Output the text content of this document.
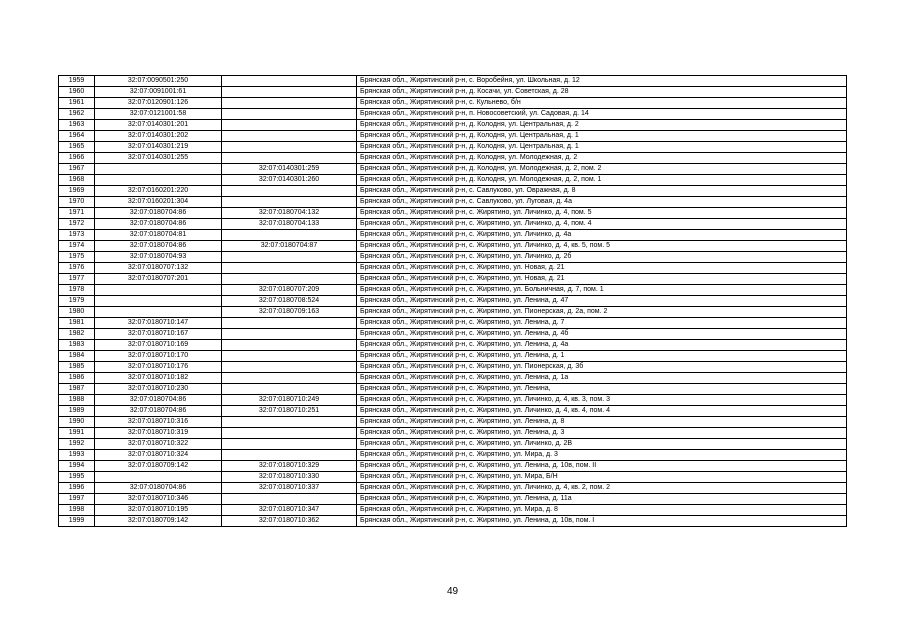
1959	32:07:0090501:250		Брянская обл., Жирятинский р-н, с. Воробейня, ул. Школьная, д. 12
1960	32:07:0091001:61		Брянская обл., Жирятинский р-н, д. Косачи, ул. Советская, д. 28
1961	32:07:0120901:126		Брянская обл., Жирятинский р-н, с. Кульнево, б/н
1962	32:07:0121001:58		Брянская обл., Жирятинский р-н, п. Новосоветский, ул. Садовая, д. 14
1963	32:07:0140301:201		Брянская обл., Жирятинский р-н, д. Колодня, ул. Центральная, д. 2
1964	32:07:0140301:202		Брянская обл., Жирятинский р-н, д. Колодня, ул. Центральная, д. 1
1965	32:07:0140301:219		Брянская обл., Жирятинский р-н, д. Колодня, ул. Центральная, д. 1
1966	32:07:0140301:255		Брянская обл., Жирятинский р-н, д. Колодня, ул. Молодежная, д. 2
1967		32:07:0140301:259	Брянская обл., Жирятинский р-н, д. Колодня, ул. Молодежная, д. 2, пом. 2
1968		32:07:0140301:260	Брянская обл., Жирятинский р-н, д. Колодня, ул. Молодежная, д. 2, пом. 1
1969	32:07:0160201:220		Брянская обл., Жирятинский р-н, с. Савлуково, ул. Овражная, д. 8
1970	32:07:0160201:304		Брянская обл., Жирятинский р-н, с. Савлуково, ул. Луговая, д. 4а
1971	32:07:0180704:86	32:07:0180704:132	Брянская обл., Жирятинский р-н, с. Жирятино, ул. Личинко, д. 4, пом. 5
1972	32:07:0180704:86	32:07:0180704:133	Брянская обл., Жирятинский р-н, с. Жирятино, ул. Личинко, д. 4, пом. 4
1973	32:07:0180704:81		Брянская обл., Жирятинский р-н, с. Жирятино, ул. Личинко, д. 4а
1974	32:07:0180704:86	32:07:0180704:87	Брянская обл., Жирятинский р-н, с. Жирятино, ул. Личинко, д. 4, кв. 5, пом. 5
1975	32:07:0180704:93		Брянская обл., Жирятинский р-н, с. Жирятино, ул. Личинко, д. 2б
1976	32:07:0180707:132		Брянская обл., Жирятинский р-н, с. Жирятино, ул. Новая, д. 21
1977	32:07:0180707:201		Брянская обл., Жирятинский р-н, с. Жирятино, ул. Новая, д. 21
1978		32:07:0180707:209	Брянская обл., Жирятинский р-н, с. Жирятино, ул. Больничная, д. 7, пом. 1
1979		32:07:0180708:524	Брянская обл., Жирятинский р-н, с. Жирятино, ул. Ленина, д. 47
1980		32:07:0180709:163	Брянская обл., Жирятинский р-н, с. Жирятино, ул. Пионерская, д. 2а, пом. 2
1981	32:07:0180710:147		Брянская обл., Жирятинский р-н, с. Жирятино, ул. Ленина, д. 7
1982	32:07:0180710:167		Брянская обл., Жирятинский р-н, с. Жирятино, ул. Ленина, д. 4б
1983	32:07:0180710:169		Брянская обл., Жирятинский р-н, с. Жирятино, ул. Ленина, д. 4а
1984	32:07:0180710:170		Брянская обл., Жирятинский р-н, с. Жирятино, ул. Ленина, д. 1
1985	32:07:0180710:176		Брянская обл., Жирятинский р-н, с. Жирятино, ул. Пионерская, д. 3б
1986	32:07:0180710:182		Брянская обл., Жирятинский р-н, с. Жирятино, ул. Ленина, д. 1а
1987	32:07:0180710:230		Брянская обл., Жирятинский р-н, с. Жирятино, ул. Ленина,
1988	32:07:0180704:86	32:07:0180710:249	Брянская обл., Жирятинский р-н, с. Жирятино, ул. Личинко, д. 4, кв. 3, пом. 3
1989	32:07:0180704:86	32:07:0180710:251	Брянская обл., Жирятинский р-н, с. Жирятино, ул. Личинко, д. 4, кв. 4, пом. 4
1990	32:07:0180710:316		Брянская обл., Жирятинский р-н, с. Жирятино, ул. Ленина, д. 8
1991	32:07:0180710:319		Брянская обл., Жирятинский р-н, с. Жирятино, ул. Ленина, д. 3
1992	32:07:0180710:322		Брянская обл., Жирятинский р-н, с. Жирятино, ул. Личинко, д. 2В
1993	32:07:0180710:324		Брянская обл., Жирятинский р-н, с. Жирятино, ул. Мира, д. 3
1994	32:07:0180709:142	32:07:0180710:329	Брянская обл., Жирятинский р-н, с. Жирятино, ул. Ленина, д. 10в, пом. II
1995		32:07:0180710:330	Брянская обл., Жирятинский р-н, с. Жирятино, ул. Мира, Б/Н
1996	32:07:0180704:86	32:07:0180710:337	Брянская обл., Жирятинский р-н, с. Жирятино, ул. Личинко, д. 4, кв. 2, пом. 2
1997	32:07:0180710:346		Брянская обл., Жирятинский р-н, с. Жирятино, ул. Ленина, д. 11а
1998	32:07:0180710:195	32:07:0180710:347	Брянская обл., Жирятинский р-н, с. Жирятино, ул. Мира, д. 8
1999	32:07:0180709:142	32:07:0180710:362	Брянская обл., Жирятинский р-н, с. Жирятино, ул. Ленина, д. 10в, пом. I
49
